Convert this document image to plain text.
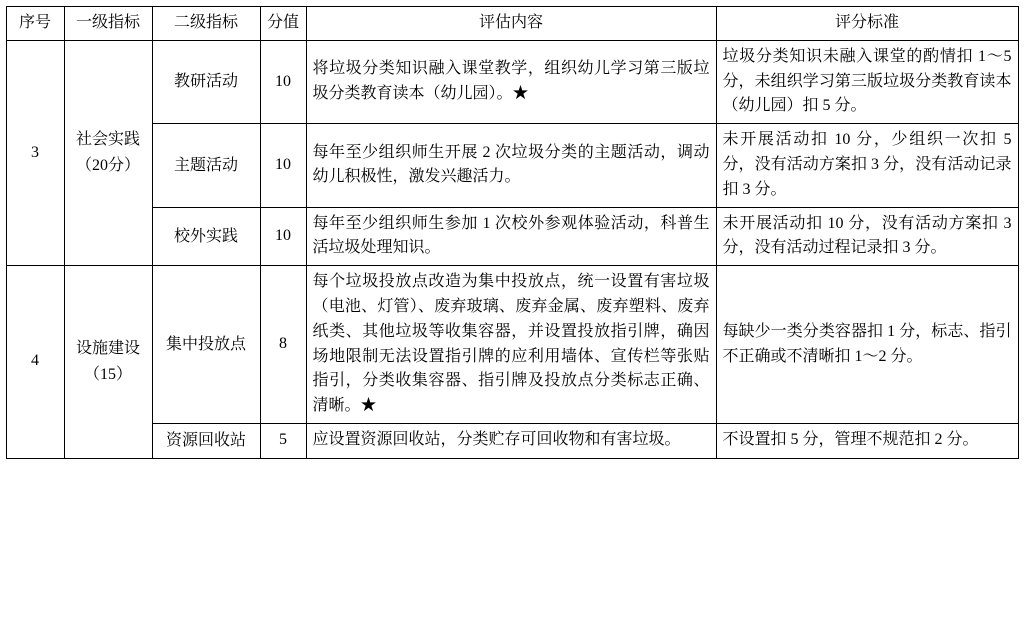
序号	一级指标	二级指标	分值	评估内容	评分标准
3	社会实践（20分）	教研活动	10	将垃圾分类知识融入课堂教学，组织幼儿学习第三版垃圾分类教育读本（幼儿园）。★	垃圾分类知识未融入课堂的酌情扣 1～5 分，未组织学习第三版垃圾分类教育读本（幼儿园）扣 5 分。

		主题活动	10	每年至少组织师生开展 2 次垃圾分类的主题活动，调动幼儿积极性，激发兴趣活力。	未开展活动扣 10 分，少组织一次扣 5 分，没有活动方案扣 3 分，没有活动记录扣 3 分。

		校外实践	10	每年至少组织师生参加 1 次校外参观体验活动，科普生活垃圾处理知识。	未开展活动扣 10 分，没有活动方案扣 3 分，没有活动过程记录扣 3 分。
4	设施建设（15）	集中投放点	8	每个垃圾投放点改造为集中投放点，统一设置有害垃圾（电池、灯管）、废弃玻璃、废弃金属、废弃塑料、废弃纸类、其他垃圾等收集容器，并设置投放指引牌，确因场地限制无法设置指引牌的应利用墙体、宣传栏等张贴指引，分类收集容器、指引牌及投放点分类标志正确、清晰。★	每缺少一类分类容器扣 1 分，标志、指引不正确或不清晰扣 1～2 分。

		资源回收站	5	应设置资源回收站，分类贮存可回收物和有害垃圾。	不设置扣 5 分，管理不规范扣 2 分。
